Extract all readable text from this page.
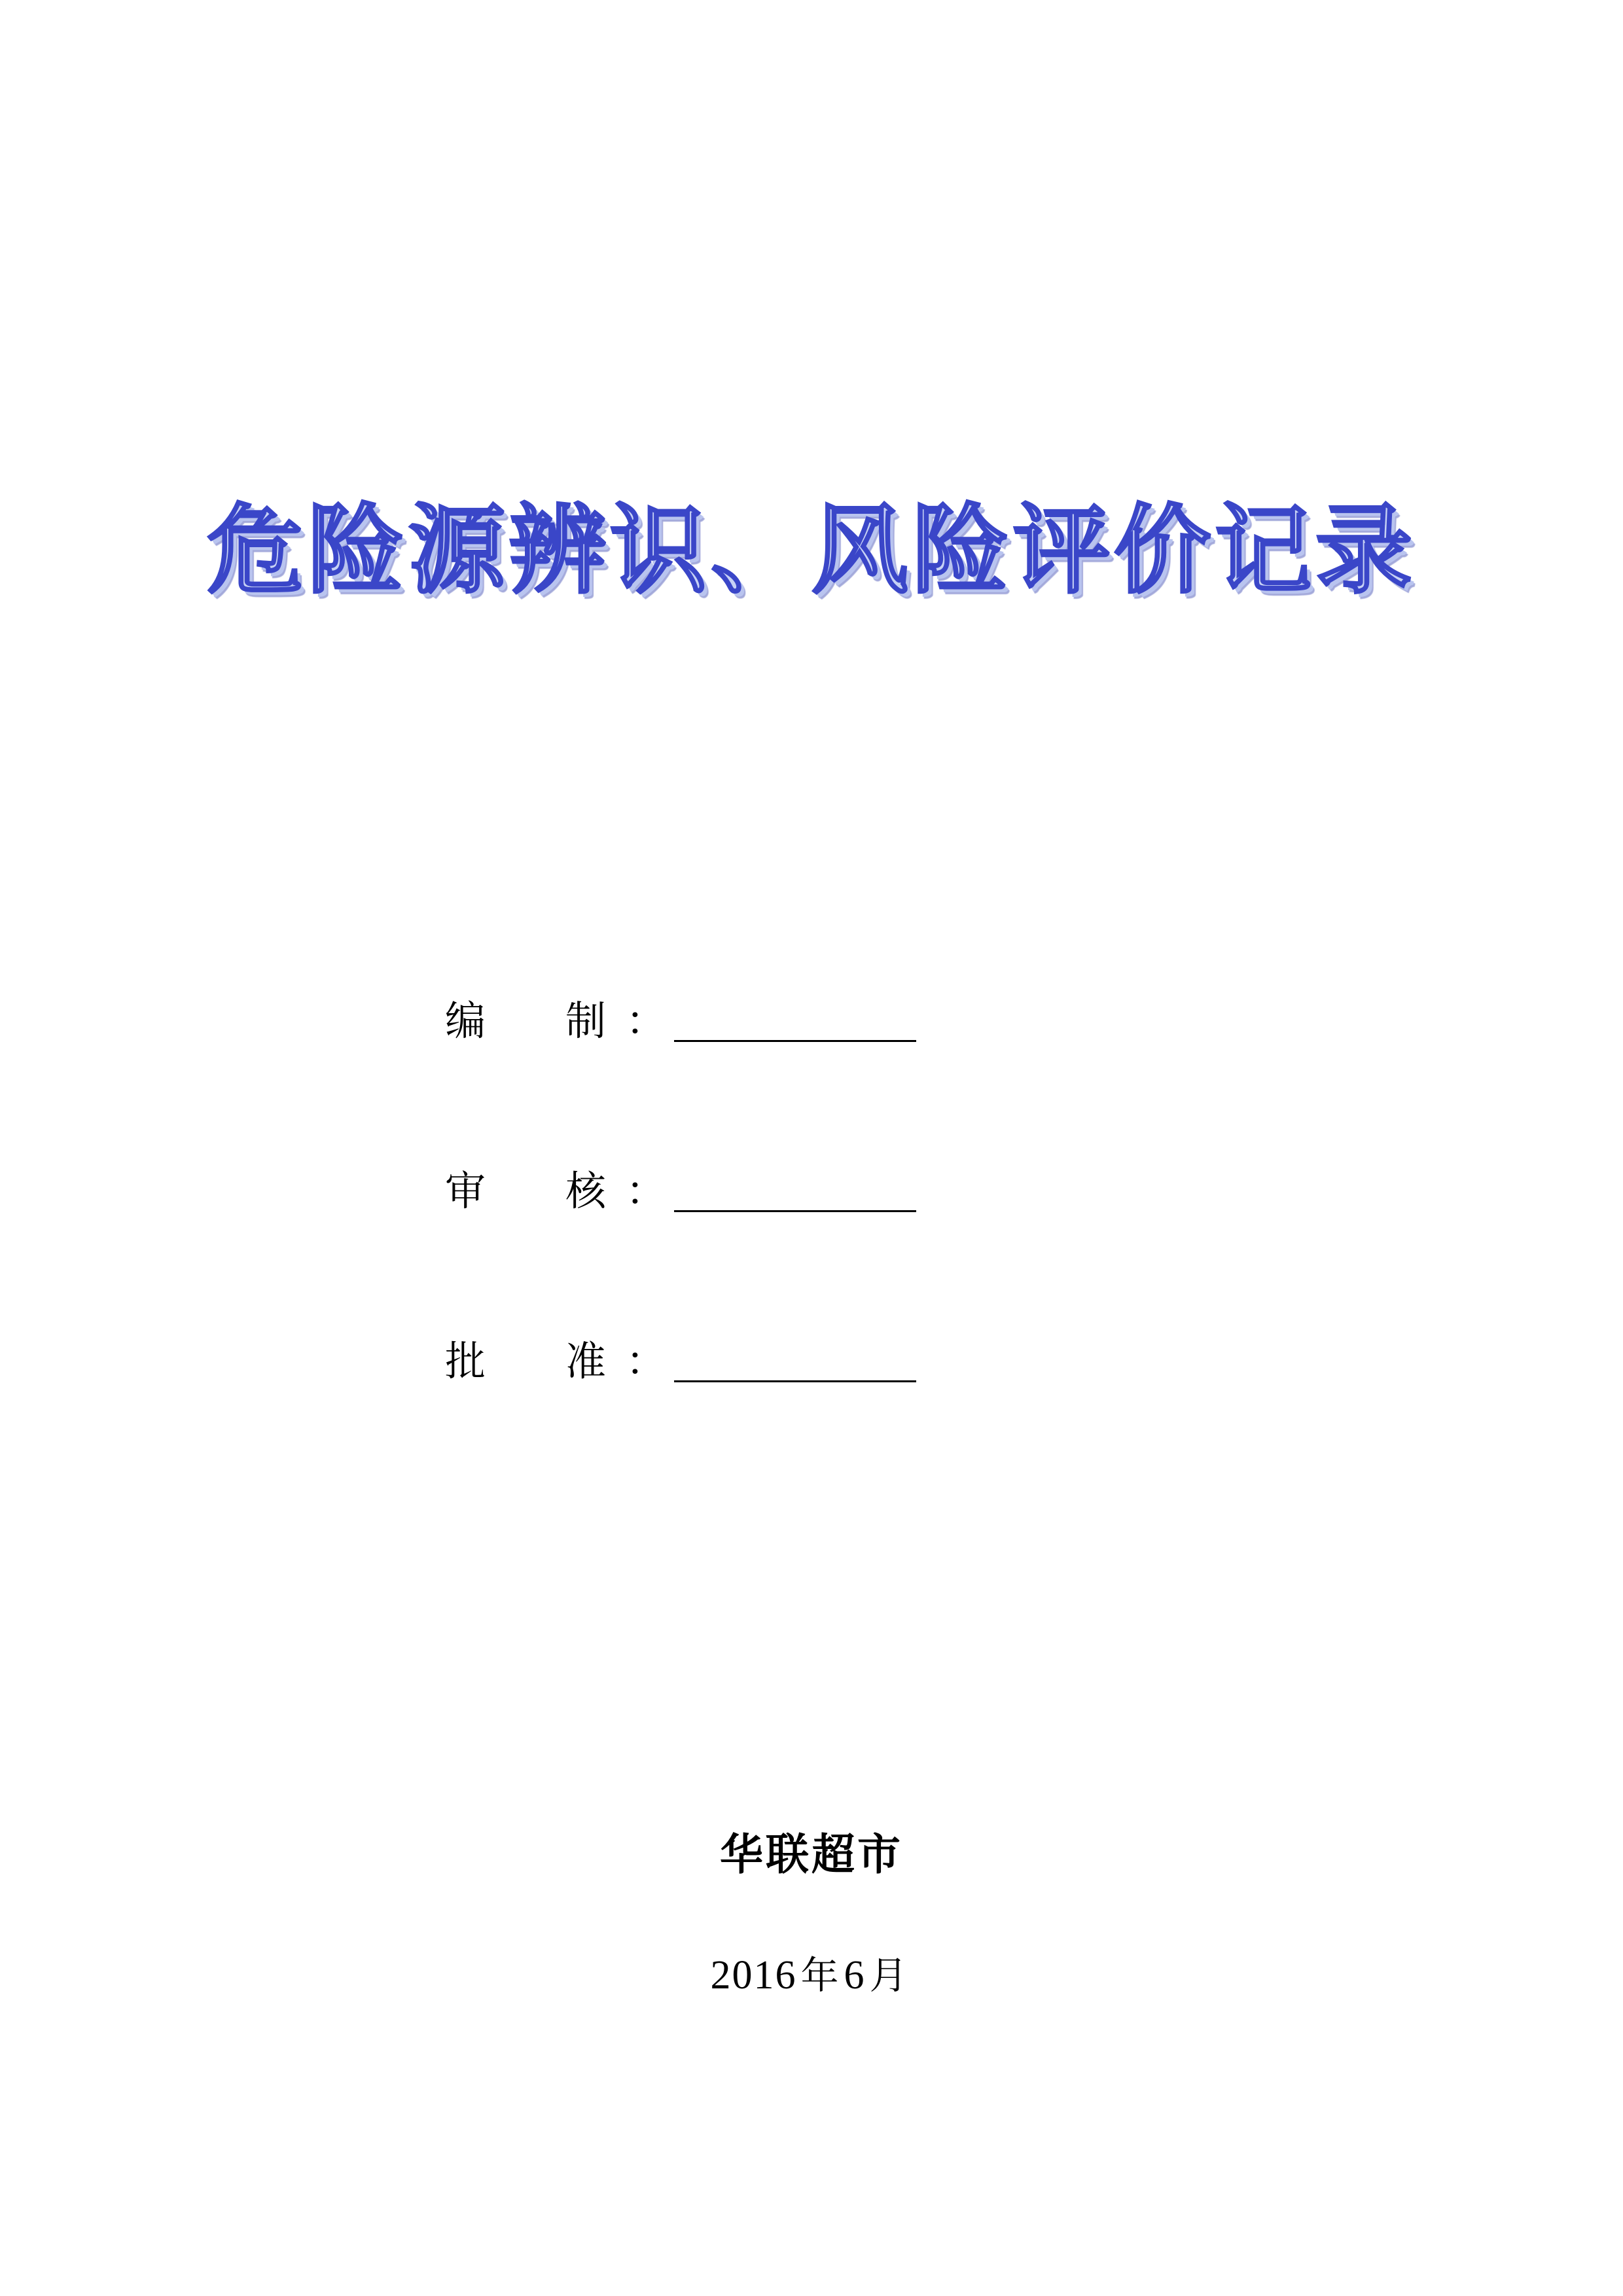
危险源辨识、风险评价记录
编　制：
审　核：
批　准：
华联超市
2016 年6 月
